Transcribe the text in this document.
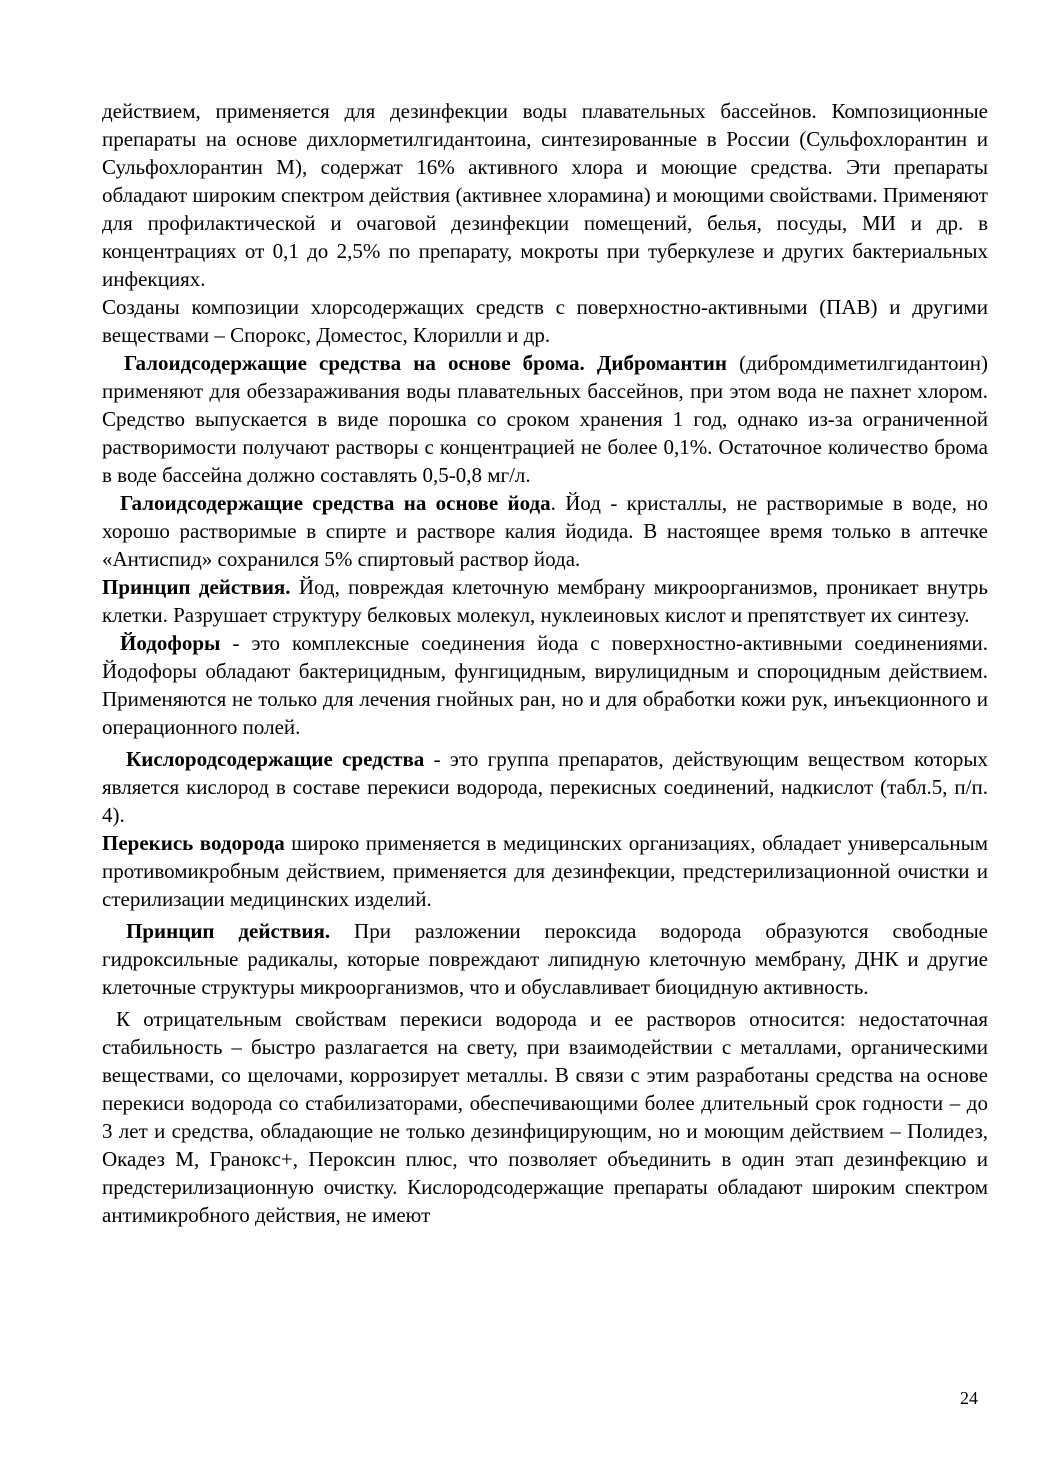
действием, применяется для дезинфекции воды плавательных бассейнов. Композиционные препараты на основе дихлорметилгидантоина, синтезированные в России (Сульфохлорантин и Сульфохлорантин М), содержат 16% активного хлора и моющие средства. Эти препараты обладают широким спектром действия (активнее хлорамина) и моющими свойствами. Применяют для профилактической и очаговой дезинфекции помещений, белья, посуды, МИ и др. в концентрациях от 0,1 до 2,5% по препарату, мокроты при туберкулезе и других бактериальных инфекциях.

Созданы композиции хлорсодержащих средств с поверхностно-активными (ПАВ) и другими веществами – Спорокс, Доместос, Клорилли и др.

Галоидсодержащие средства на основе брома. Дибромантин (дибромдиметилгидантоин) применяют для обеззараживания воды плавательных бассейнов, при этом вода не пахнет хлором. Средство выпускается в виде порошка со сроком хранения 1 год, однако из-за ограниченной растворимости получают растворы с концентрацией не более 0,1%. Остаточное количество брома в воде бассейна должно составлять 0,5-0,8 мг/л.

Галоидсодержащие средства на основе йода. Йод - кристаллы, не растворимые в воде, но хорошо растворимые в спирте и растворе калия йодида. В настоящее время только в аптечке «Антиспид» сохранился 5% спиртовый раствор йода.

Принцип действия. Йод, повреждая клеточную мембрану микроорганизмов, проникает внутрь клетки. Разрушает структуру белковых молекул, нуклеиновых кислот и препятствует их синтезу.

Йодофоры - это комплексные соединения йода с поверхностно-активными соединениями. Йодофоры обладают бактерицидным, фунгицидным, вирулицидным и спороцидным действием. Применяются не только для лечения гнойных ран, но и для обработки кожи рук, инъекционного и операционного полей.

Кислородсодержащие средства - это группа препаратов, действующим веществом которых является кислород в составе перекиси водорода, перекисных соединений, надкислот (табл.5, п/п. 4).

Перекись водорода широко применяется в медицинских организациях, обладает универсальным противомикробным действием, применяется для дезинфекции, предстерилизационной очистки и стерилизации медицинских изделий.

Принцип действия. При разложении пероксида водорода образуются свободные гидроксильные радикалы, которые повреждают липидную клеточную мембрану, ДНК и другие клеточные структуры микроорганизмов, что и обуславливает биоцидную активность.

К отрицательным свойствам перекиси водорода и ее растворов относится: недостаточная стабильность – быстро разлагается на свету, при взаимодействии с металлами, органическими веществами, со щелочами, коррозирует металлы. В связи с этим разработаны средства на основе перекиси водорода со стабилизаторами, обеспечивающими более длительный срок годности – до 3 лет и средства, обладающие не только дезинфицирующим, но и моющим действием – Полидез, Окадез М, Гранокс+, Пероксин плюс, что позволяет объединить в один этап дезинфекцию и предстерилизационную очистку. Кислородсодержащие препараты обладают широким спектром антимикробного действия, не имеют

24
